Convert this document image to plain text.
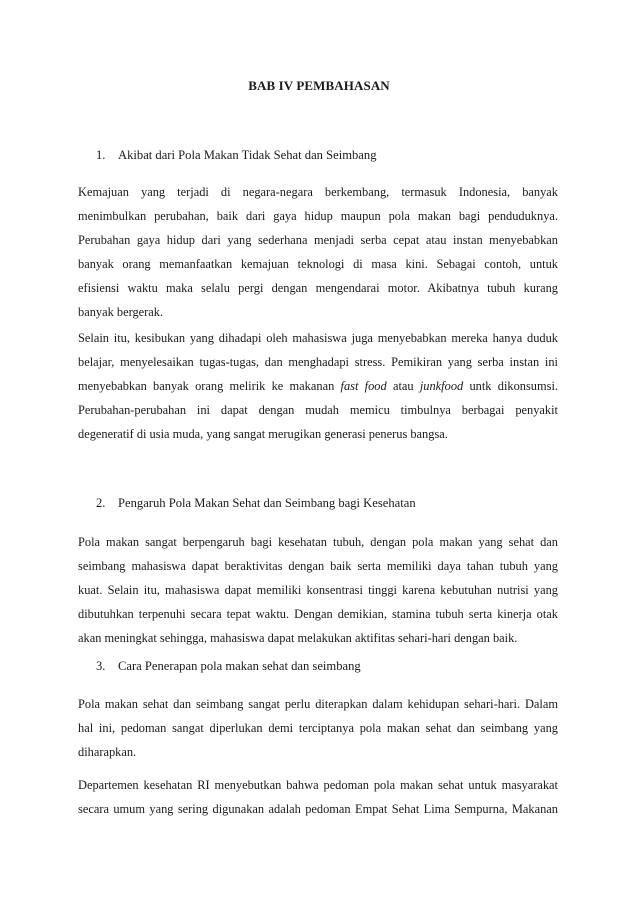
BAB IV PEMBAHASAN
1. Akibat dari Pola Makan Tidak Sehat dan Seimbang
Kemajuan yang terjadi di negara-negara berkembang, termasuk Indonesia, banyak
menimbulkan perubahan, baik dari gaya hidup maupun pola makan bagi penduduknya.
Perubahan gaya hidup dari yang sederhana menjadi serba cepat atau instan menyebabkan
banyak orang memanfaatkan kemajuan teknologi di masa kini. Sebagai contoh, untuk
efisiensi waktu maka selalu pergi dengan mengendarai motor. Akibatnya tubuh kurang
banyak bergerak.
Selain itu, kesibukan yang dihadapi oleh mahasiswa juga menyebabkan mereka hanya duduk
belajar, menyelesaikan tugas-tugas, dan menghadapi stress. Pemikiran yang serba instan ini
menyebabkan banyak orang melirik ke makanan fast food atau junkfood untk dikonsumsi.
Perubahan-perubahan ini dapat dengan mudah memicu timbulnya berbagai penyakit
degeneratif di usia muda, yang sangat merugikan generasi penerus bangsa.
2. Pengaruh Pola Makan Sehat dan Seimbang bagi Kesehatan
Pola makan sangat berpengaruh bagi kesehatan tubuh, dengan pola makan yang sehat dan
seimbang mahasiswa dapat beraktivitas dengan baik serta memiliki daya tahan tubuh yang
kuat. Selain itu, mahasiswa dapat memiliki konsentrasi tinggi karena kebutuhan nutrisi yang
dibutuhkan terpenuhi secara tepat waktu. Dengan demikian, stamina tubuh serta kinerja otak
akan meningkat sehingga, mahasiswa dapat melakukan aktifitas sehari-hari dengan baik.
3. Cara Penerapan pola makan sehat dan seimbang
Pola makan sehat dan seimbang sangat perlu diterapkan dalam kehidupan sehari-hari. Dalam
hal ini, pedoman sangat diperlukan demi terciptanya pola makan sehat dan seimbang yang
diharapkan.
Departemen kesehatan RI menyebutkan bahwa pedoman pola makan sehat untuk masyarakat
secara umum yang sering digunakan adalah pedoman Empat Sehat Lima Sempurna, Makanan
